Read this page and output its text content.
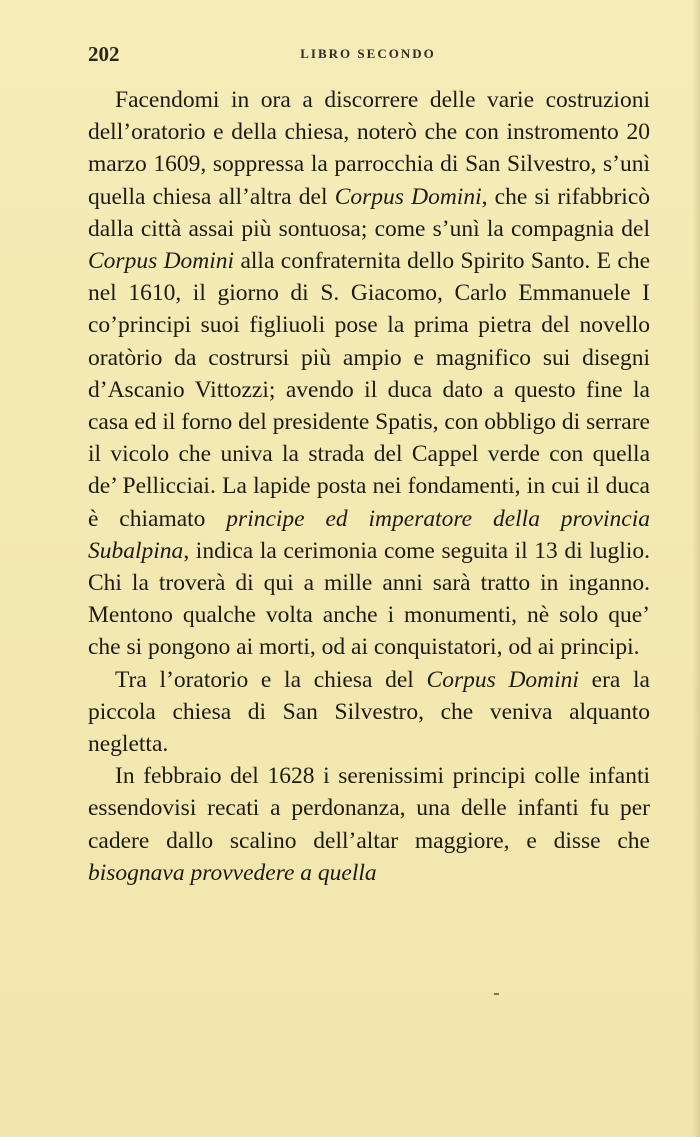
202	LIBRO SECONDO

Facendomi in ora a discorrere delle varie costruzioni dell’oratorio e della chiesa, noterò che con instromento 20 marzo 1609, soppressa la parrocchia di San Silvestro, s’unì quella chiesa all’altra del Corpus Domini, che si rifabbricò dalla città assai più sontuosa; come s’unì la compagnia del Corpus Domini alla confraternita dello Spirito Santo. E che nel 1610, il giorno di S. Giacomo, Carlo Emmanuele I co’principi suoi figliuoli pose la prima pietra del novello oratòrio da costrursi più ampio e magnifico sui disegni d’Ascanio Vittozzi; avendo il duca dato a questo fine la casa ed il forno del presidente Spatis, con obbligo di serrare il vicolo che univa la strada del Cappel verde con quella de’ Pellicciai. La lapide posta nei fondamenti, in cui il duca è chiamato principe ed imperatore della provincia Subalpina, indica la cerimonia come seguita il 13 di luglio. Chi la troverà di qui a mille anni sarà tratto in inganno. Mentono qualche volta anche i monumenti, nè solo que’ che si pongono ai morti, od ai conquistatori, od ai principi.

Tra l’oratorio e la chiesa del Corpus Domini era la piccola chiesa di San Silvestro, che veniva alquanto negletta.

In febbraio del 1628 i serenissimi principi colle infanti essendovisi recati a perdonanza, una delle infanti fu per cadere dallo scalino dell’altar maggiore, e disse che bisognava provvedere a quella
